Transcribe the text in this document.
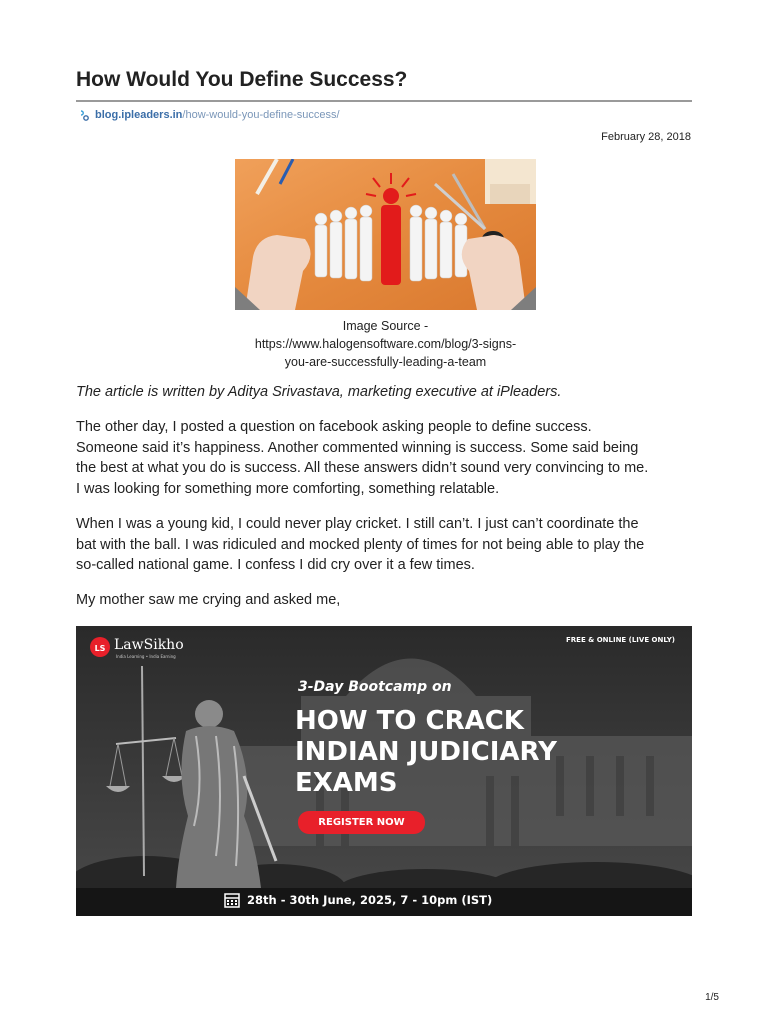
How Would You Define Success?
blog.ipleaders.in/how-would-you-define-success/
February 28, 2018
Image Source -
https://www.halogensoftware.com/blog/3-signs-
you-are-successfully-leading-a-team
The article is written by Aditya Srivastava, marketing executive at iPleaders.
The other day, I posted a question on facebook asking people to define success.
Someone said it’s happiness. Another commented winning is success. Some said being
the best at what you do is success. All these answers didn’t sound very convincing to me.
I was looking for something more comforting, something relatable.
When I was a young kid, I could never play cricket. I still can’t. I just can’t coordinate the
bat with the ball. I was ridiculed and mocked plenty of times for not being able to play the
so-called national game. I confess I did cry over it a few times.
My mother saw me crying and asked me,
LS LawSikho
India Learning • India Earning
FREE & ONLINE (LIVE ONLY)
3-Day Bootcamp on
HOW TO CRACK
INDIAN JUDICIARY
EXAMS
REGISTER NOW
28th - 30th June, 2025, 7 - 10pm (IST)
1/5
